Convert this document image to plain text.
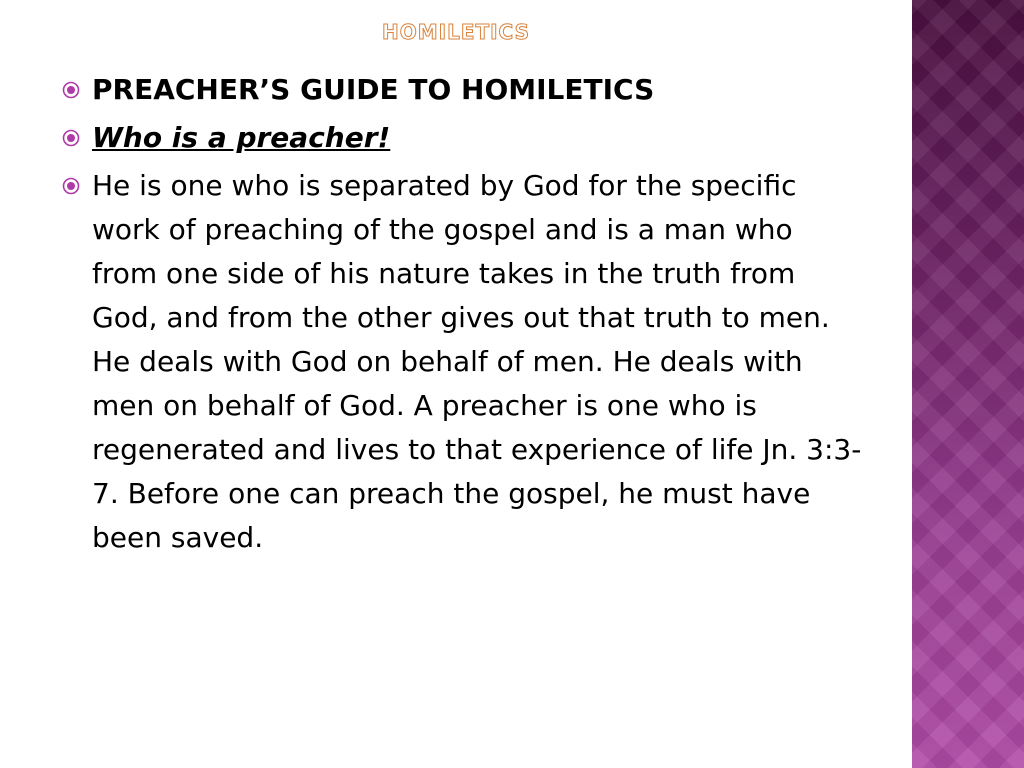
HOMILETICS
PREACHER’S GUIDE TO HOMILETICS
Who is a preacher!
He is one who is separated by God for the specific work of preaching of the gospel and is a man who from one side of his nature takes in the truth from God, and from the other gives out that truth to men. He deals with God on behalf of men. He deals with men on behalf of God. A preacher is one who is regenerated and lives to that experience of life Jn. 3:3-7. Before one can preach the gospel, he must have been saved.
